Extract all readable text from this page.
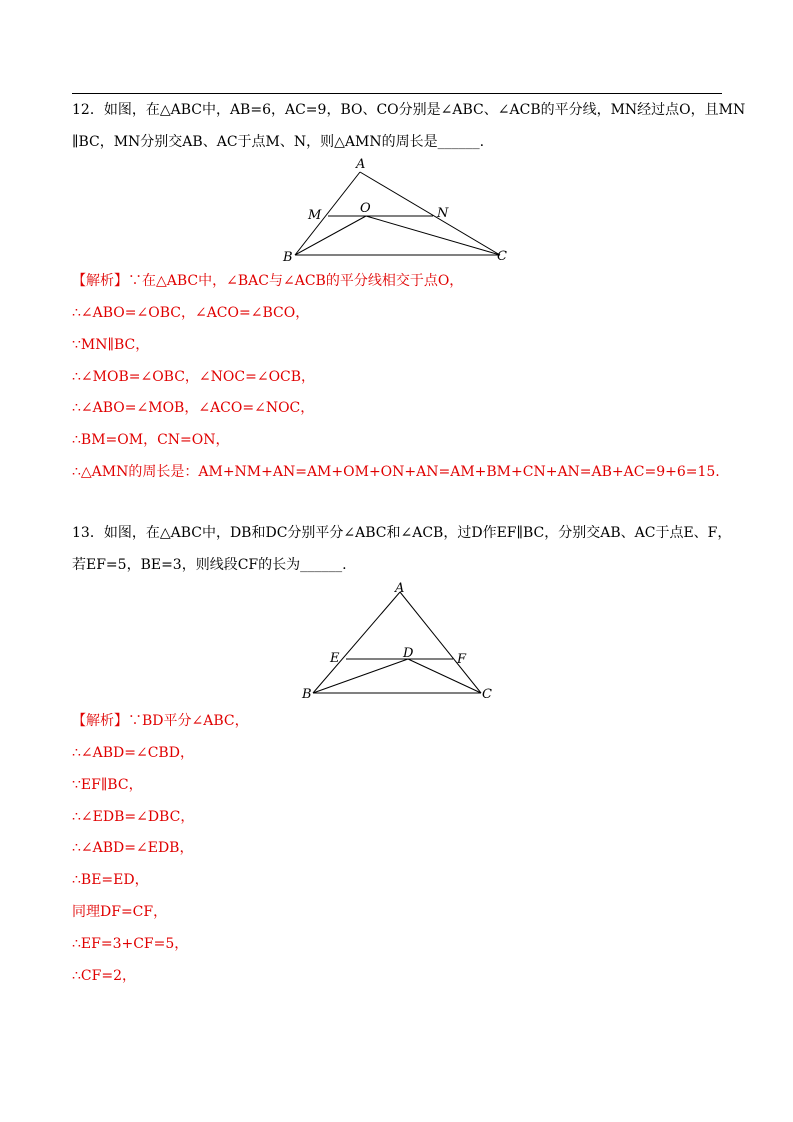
12．如图，在△ABC中，AB=6，AC=9，BO、CO分别是∠ABC、∠ACB的平分线，MN经过点O，且MN
∥BC，MN分别交AB、AC于点M、N，则△AMN的周长是______.
A
M	O	N
B	C
【解析】∵在△ABC中，∠BAC与∠ACB的平分线相交于点O，
∴∠ABO=∠OBC，∠ACO=∠BCO，
∵MN∥BC，
∴∠MOB=∠OBC，∠NOC=∠OCB，
∴∠ABO=∠MOB，∠ACO=∠NOC，
∴BM=OM，CN=ON，
∴△AMN的周长是：AM+NM+AN=AM+OM+ON+AN=AM+BM+CN+AN=AB+AC=9+6=15.
13．如图，在△ABC中，DB和DC分别平分∠ABC和∠ACB，过D作EF∥BC，分别交AB、AC于点E、F，
若EF=5，BE=3，则线段CF的长为______.
A
E	D	F
B	C
【解析】∵BD平分∠ABC，
∴∠ABD=∠CBD，
∵EF∥BC，
∴∠EDB=∠DBC，
∴∠ABD=∠EDB，
∴BE=ED，
同理DF=CF，
∴EF=3+CF=5，
∴CF=2，
